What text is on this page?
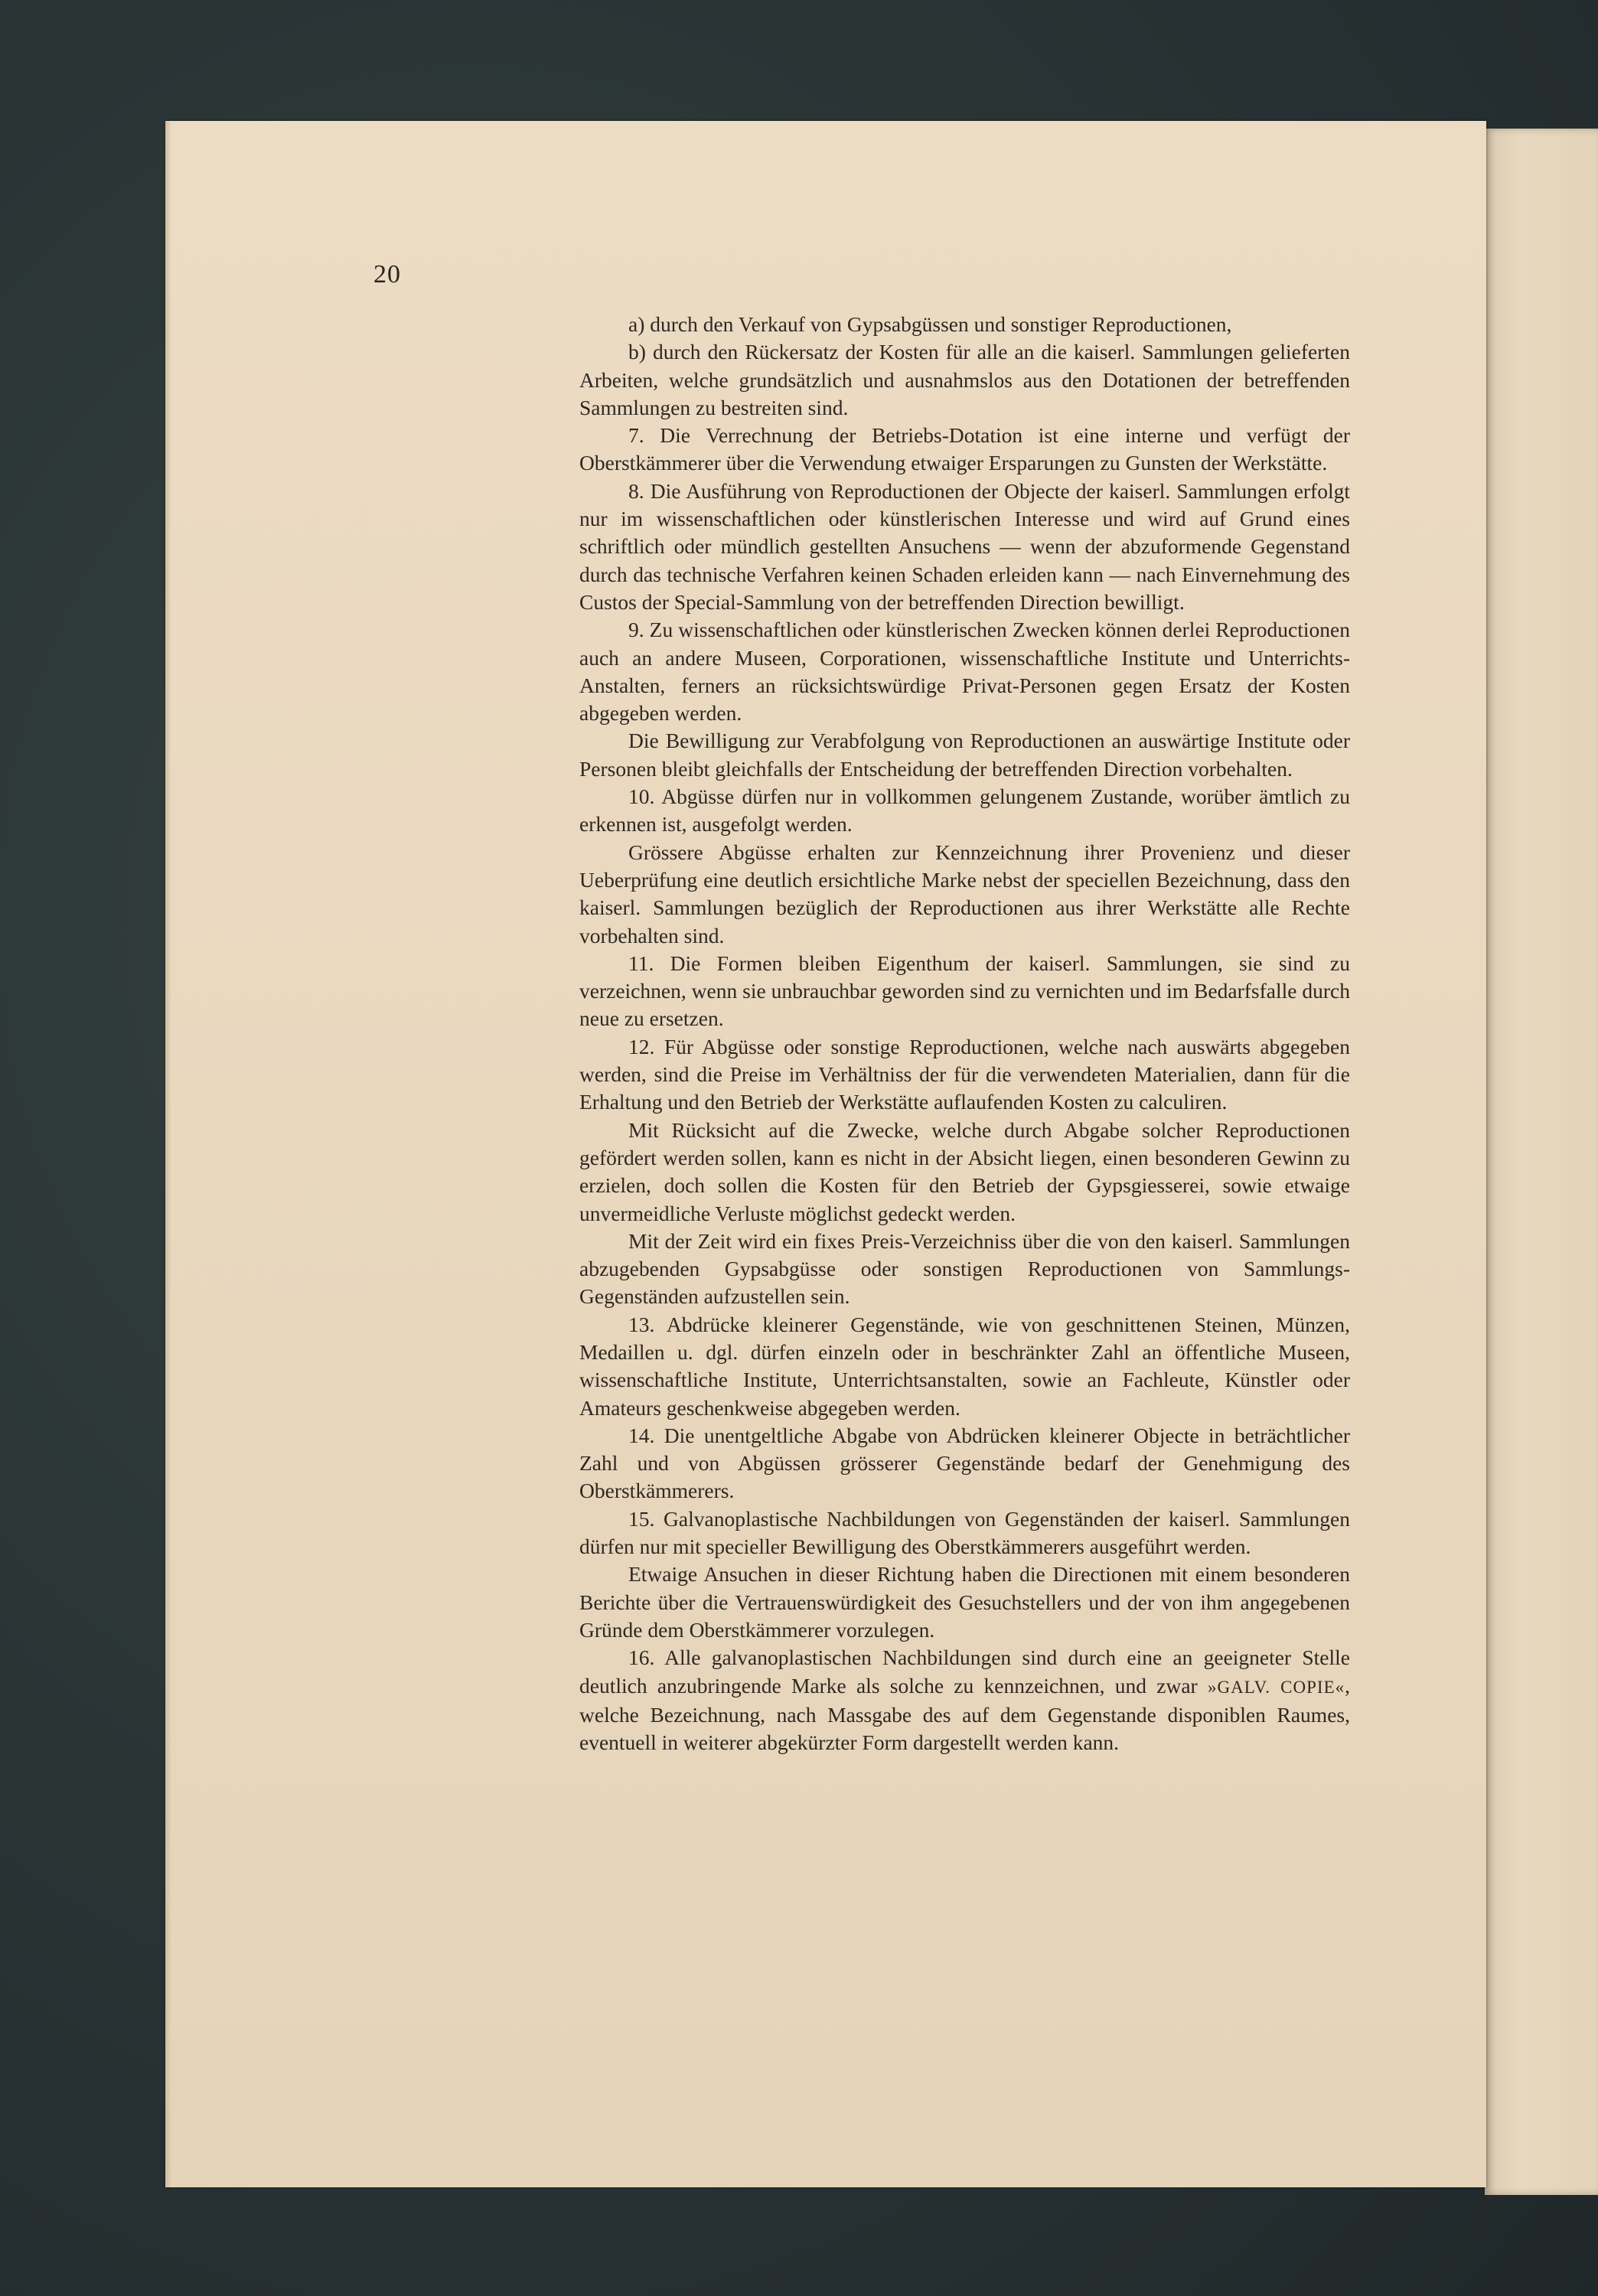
20

a) durch den Verkauf von Gypsabgüssen und sonstiger Reproductionen,

b) durch den Rückersatz der Kosten für alle an die kaiserl. Sammlungen gelieferten Arbeiten, welche grundsätzlich und ausnahmslos aus den Dotationen der betreffenden Sammlungen zu bestreiten sind.

7. Die Verrechnung der Betriebs-Dotation ist eine interne und verfügt der Oberstkämmerer über die Verwendung etwaiger Ersparungen zu Gunsten der Werkstätte.

8. Die Ausführung von Reproductionen der Objecte der kaiserl. Sammlungen erfolgt nur im wissenschaftlichen oder künstlerischen Interesse und wird auf Grund eines schriftlich oder mündlich gestellten Ansuchens — wenn der abzuformende Gegenstand durch das technische Verfahren keinen Schaden erleiden kann — nach Einvernehmung des Custos der Special-Sammlung von der betreffenden Direction bewilligt.

9. Zu wissenschaftlichen oder künstlerischen Zwecken können derlei Reproductionen auch an andere Museen, Corporationen, wissenschaftliche Institute und Unterrichts-Anstalten, ferners an rücksichtswürdige Privat-Personen gegen Ersatz der Kosten abgegeben werden.

Die Bewilligung zur Verabfolgung von Reproductionen an auswärtige Institute oder Personen bleibt gleichfalls der Entscheidung der betreffenden Direction vorbehalten.

10. Abgüsse dürfen nur in vollkommen gelungenem Zustande, worüber ämtlich zu erkennen ist, ausgefolgt werden.

Grössere Abgüsse erhalten zur Kennzeichnung ihrer Provenienz und dieser Ueberprüfung eine deutlich ersichtliche Marke nebst der speciellen Bezeichnung, dass den kaiserl. Sammlungen bezüglich der Reproductionen aus ihrer Werkstätte alle Rechte vorbehalten sind.

11. Die Formen bleiben Eigenthum der kaiserl. Sammlungen, sie sind zu verzeichnen, wenn sie unbrauchbar geworden sind zu vernichten und im Bedarfsfalle durch neue zu ersetzen.

12. Für Abgüsse oder sonstige Reproductionen, welche nach auswärts abgegeben werden, sind die Preise im Verhältniss der für die verwendeten Materialien, dann für die Erhaltung und den Betrieb der Werkstätte auflaufenden Kosten zu calculiren.

Mit Rücksicht auf die Zwecke, welche durch Abgabe solcher Reproductionen gefördert werden sollen, kann es nicht in der Absicht liegen, einen besonderen Gewinn zu erzielen, doch sollen die Kosten für den Betrieb der Gypsgiesserei, sowie etwaige unvermeidliche Verluste möglichst gedeckt werden.

Mit der Zeit wird ein fixes Preis-Verzeichniss über die von den kaiserl. Sammlungen abzugebenden Gypsabgüsse oder sonstigen Reproductionen von Sammlungs-Gegenständen aufzustellen sein.

13. Abdrücke kleinerer Gegenstände, wie von geschnittenen Steinen, Münzen, Medaillen u. dgl. dürfen einzeln oder in beschränkter Zahl an öffentliche Museen, wissenschaftliche Institute, Unterrichtsanstalten, sowie an Fachleute, Künstler oder Amateurs geschenkweise abgegeben werden.

14. Die unentgeltliche Abgabe von Abdrücken kleinerer Objecte in beträchtlicher Zahl und von Abgüssen grösserer Gegenstände bedarf der Genehmigung des Oberstkämmerers.

15. Galvanoplastische Nachbildungen von Gegenständen der kaiserl. Sammlungen dürfen nur mit specieller Bewilligung des Oberstkämmerers ausgeführt werden.

Etwaige Ansuchen in dieser Richtung haben die Directionen mit einem besonderen Berichte über die Vertrauenswürdigkeit des Gesuchstellers und der von ihm angegebenen Gründe dem Oberstkämmerer vorzulegen.

16. Alle galvanoplastischen Nachbildungen sind durch eine an geeigneter Stelle deutlich anzubringende Marke als solche zu kennzeichnen, und zwar »GALV. COPIE«, welche Bezeichnung, nach Massgabe des auf dem Gegenstande disponiblen Raumes, eventuell in weiterer abgekürzter Form dargestellt werden kann.
